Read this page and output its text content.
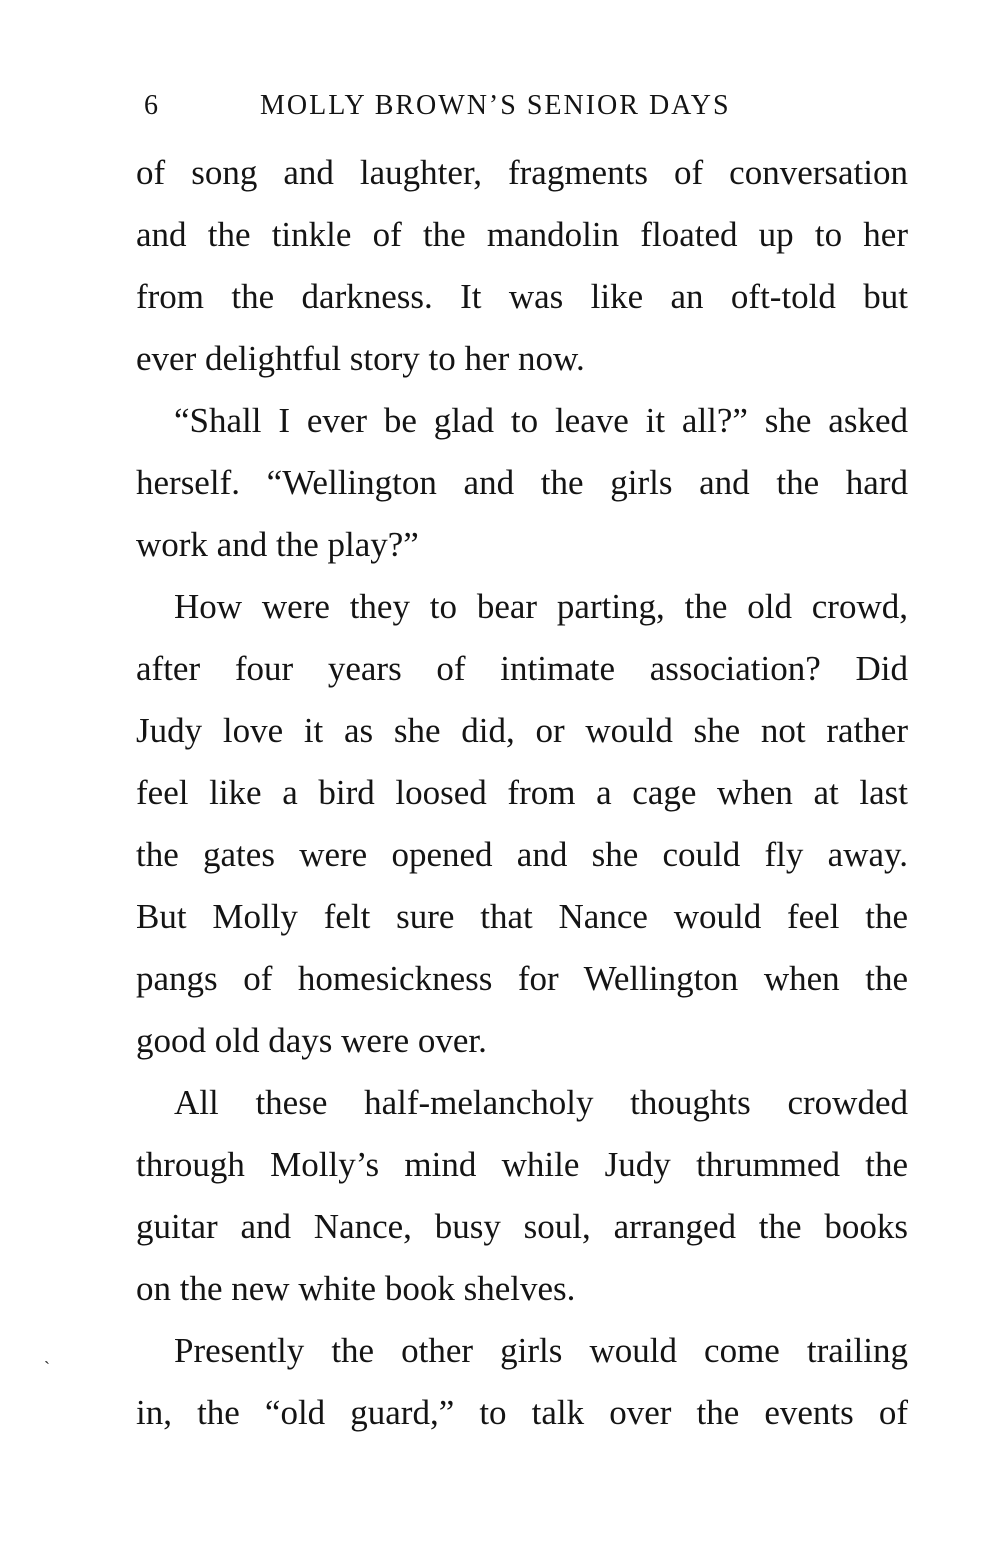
6	MOLLY BROWN’S SENIOR DAYS
of song and laughter, fragments of conversation
and the tinkle of the mandolin floated up to her
from the darkness. It was like an oft-told but
ever delightful story to her now.
“Shall I ever be glad to leave it all?” she asked
herself. “Wellington and the girls and the hard
work and the play?”
How were they to bear parting, the old crowd,
after four years of intimate association? Did
Judy love it as she did, or would she not rather
feel like a bird loosed from a cage when at last
the gates were opened and she could fly away.
But Molly felt sure that Nance would feel the
pangs of homesickness for Wellington when the
good old days were over.
All these half-melancholy thoughts crowded
through Molly’s mind while Judy thrummed the
guitar and Nance, busy soul, arranged the books
on the new white book shelves.
Presently the other girls would come trailing
in, the “old guard,” to talk over the events of
ˏ
